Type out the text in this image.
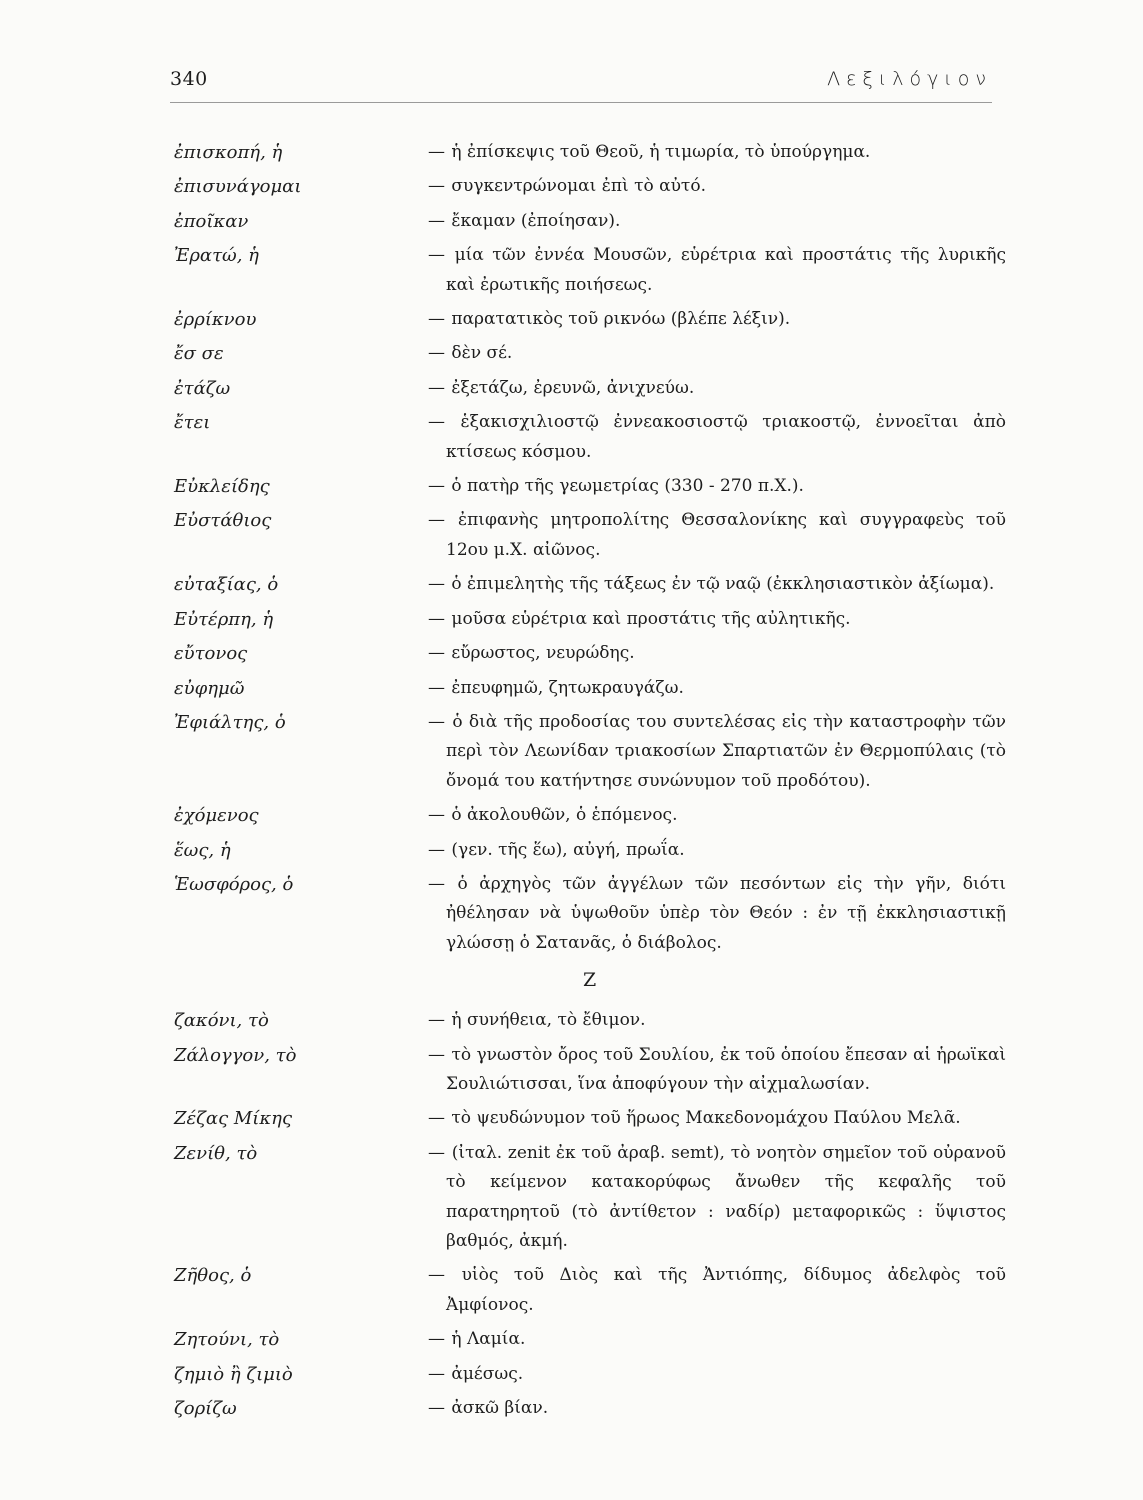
340	Λεξιλόγιον
ἐπισκοπή, ἡ	— ἡ ἐπίσκεψις τοῦ Θεοῦ, ἡ τιμωρία, τὸ ὑπούργημα.
ἐπισυνάγομαι	— συγκεντρώνομαι ἐπὶ τὸ αὐτό.
ἐποῖκαν	— ἔκαμαν (ἐποίησαν).
Ἐρατώ, ἡ	— μία τῶν ἐννέα Μουσῶν, εὑρέτρια καὶ προστάτις τῆς λυρικῆς καὶ ἐρωτικῆς ποιήσεως.
ἐρρίκνου	— παρατατικὸς τοῦ ρικνόω (βλέπε λέξιν).
ἔσ σε	— δὲν σέ.
ἐτάζω	— ἐξετάζω, ἐρευνῶ, ἀνιχνεύω.
ἔτει	— ἑξακισχιλιοστῷ ἐννεακοσιοστῷ τριακοστῷ, ἐννοεῖται ἀπὸ κτίσεως κόσμου.
Εὐκλείδης	— ὁ πατὴρ τῆς γεωμετρίας (330 - 270 π.Χ.).
Εὐστάθιος	— ἐπιφανὴς μητροπολίτης Θεσσαλονίκης καὶ συγγραφεὺς τοῦ 12ου μ.Χ. αἰῶνος.
εὐταξίας, ὁ	— ὁ ἐπιμελητὴς τῆς τάξεως ἐν τῷ ναῷ (ἐκκλησιαστικὸν ἀξίωμα).
Εὐτέρπη, ἡ	— μοῦσα εὑρέτρια καὶ προστάτις τῆς αὐλητικῆς.
εὔτονος	— εὔρωστος, νευρώδης.
εὐφημῶ	— ἐπευφημῶ, ζητωκραυγάζω.
Ἐφιάλτης, ὁ	— ὁ διὰ τῆς προδοσίας του συντελέσας εἰς τὴν καταστροφὴν τῶν περὶ τὸν Λεωνίδαν τριακοσίων Σπαρτιατῶν ἐν Θερμοπύλαις (τὸ ὄνομά του κατήντησε συνώνυμον τοῦ προδότου).
ἐχόμενος	— ὁ ἀκολουθῶν, ὁ ἑπόμενος.
ἕως, ἡ	— (γεν. τῆς ἕω), αὐγή, πρωΐα.
Ἑωσφόρος, ὁ	— ὁ ἀρχηγὸς τῶν ἀγγέλων τῶν πεσόντων εἰς τὴν γῆν, διότι ἠθέλησαν νὰ ὑψωθοῦν ὑπὲρ τὸν Θεόν : ἐν τῇ ἐκκλησιαστικῇ γλώσσῃ ὁ Σατανᾶς, ὁ διάβολος.
Ζ
ζακόνι, τὸ	— ἡ συνήθεια, τὸ ἔθιμον.
Ζάλογγον, τὸ	— τὸ γνωστὸν ὄρος τοῦ Σουλίου, ἐκ τοῦ ὁποίου ἔπεσαν αἱ ἡρωϊκαὶ Σουλιώτισσαι, ἵνα ἀποφύγουν τὴν αἰχμαλωσίαν.
Ζέζας Μίκης	— τὸ ψευδώνυμον τοῦ ἥρωος Μακεδονομάχου Παύλου Μελᾶ.
Ζενίθ, τὸ	— (ἰταλ. zenit ἐκ τοῦ ἀραβ. semt), τὸ νοητὸν σημεῖον τοῦ οὐρανοῦ τὸ κείμενον κατακορύφως ἄνωθεν τῆς κεφαλῆς τοῦ παρατηρητοῦ (τὸ ἀντίθετον : ναδίρ) μεταφορικῶς : ὕψιστος βαθμός, ἀκμή.
Ζῆθος, ὁ	— υἱὸς τοῦ Διὸς καὶ τῆς Ἀντιόπης, δίδυμος ἀδελφὸς τοῦ Ἀμφίονος.
Ζητούνι, τὸ	— ἡ Λαμία.
ζημιὸ ἢ ζιμιὸ	— ἀμέσως.
ζορίζω	— ἀσκῶ βίαν.
